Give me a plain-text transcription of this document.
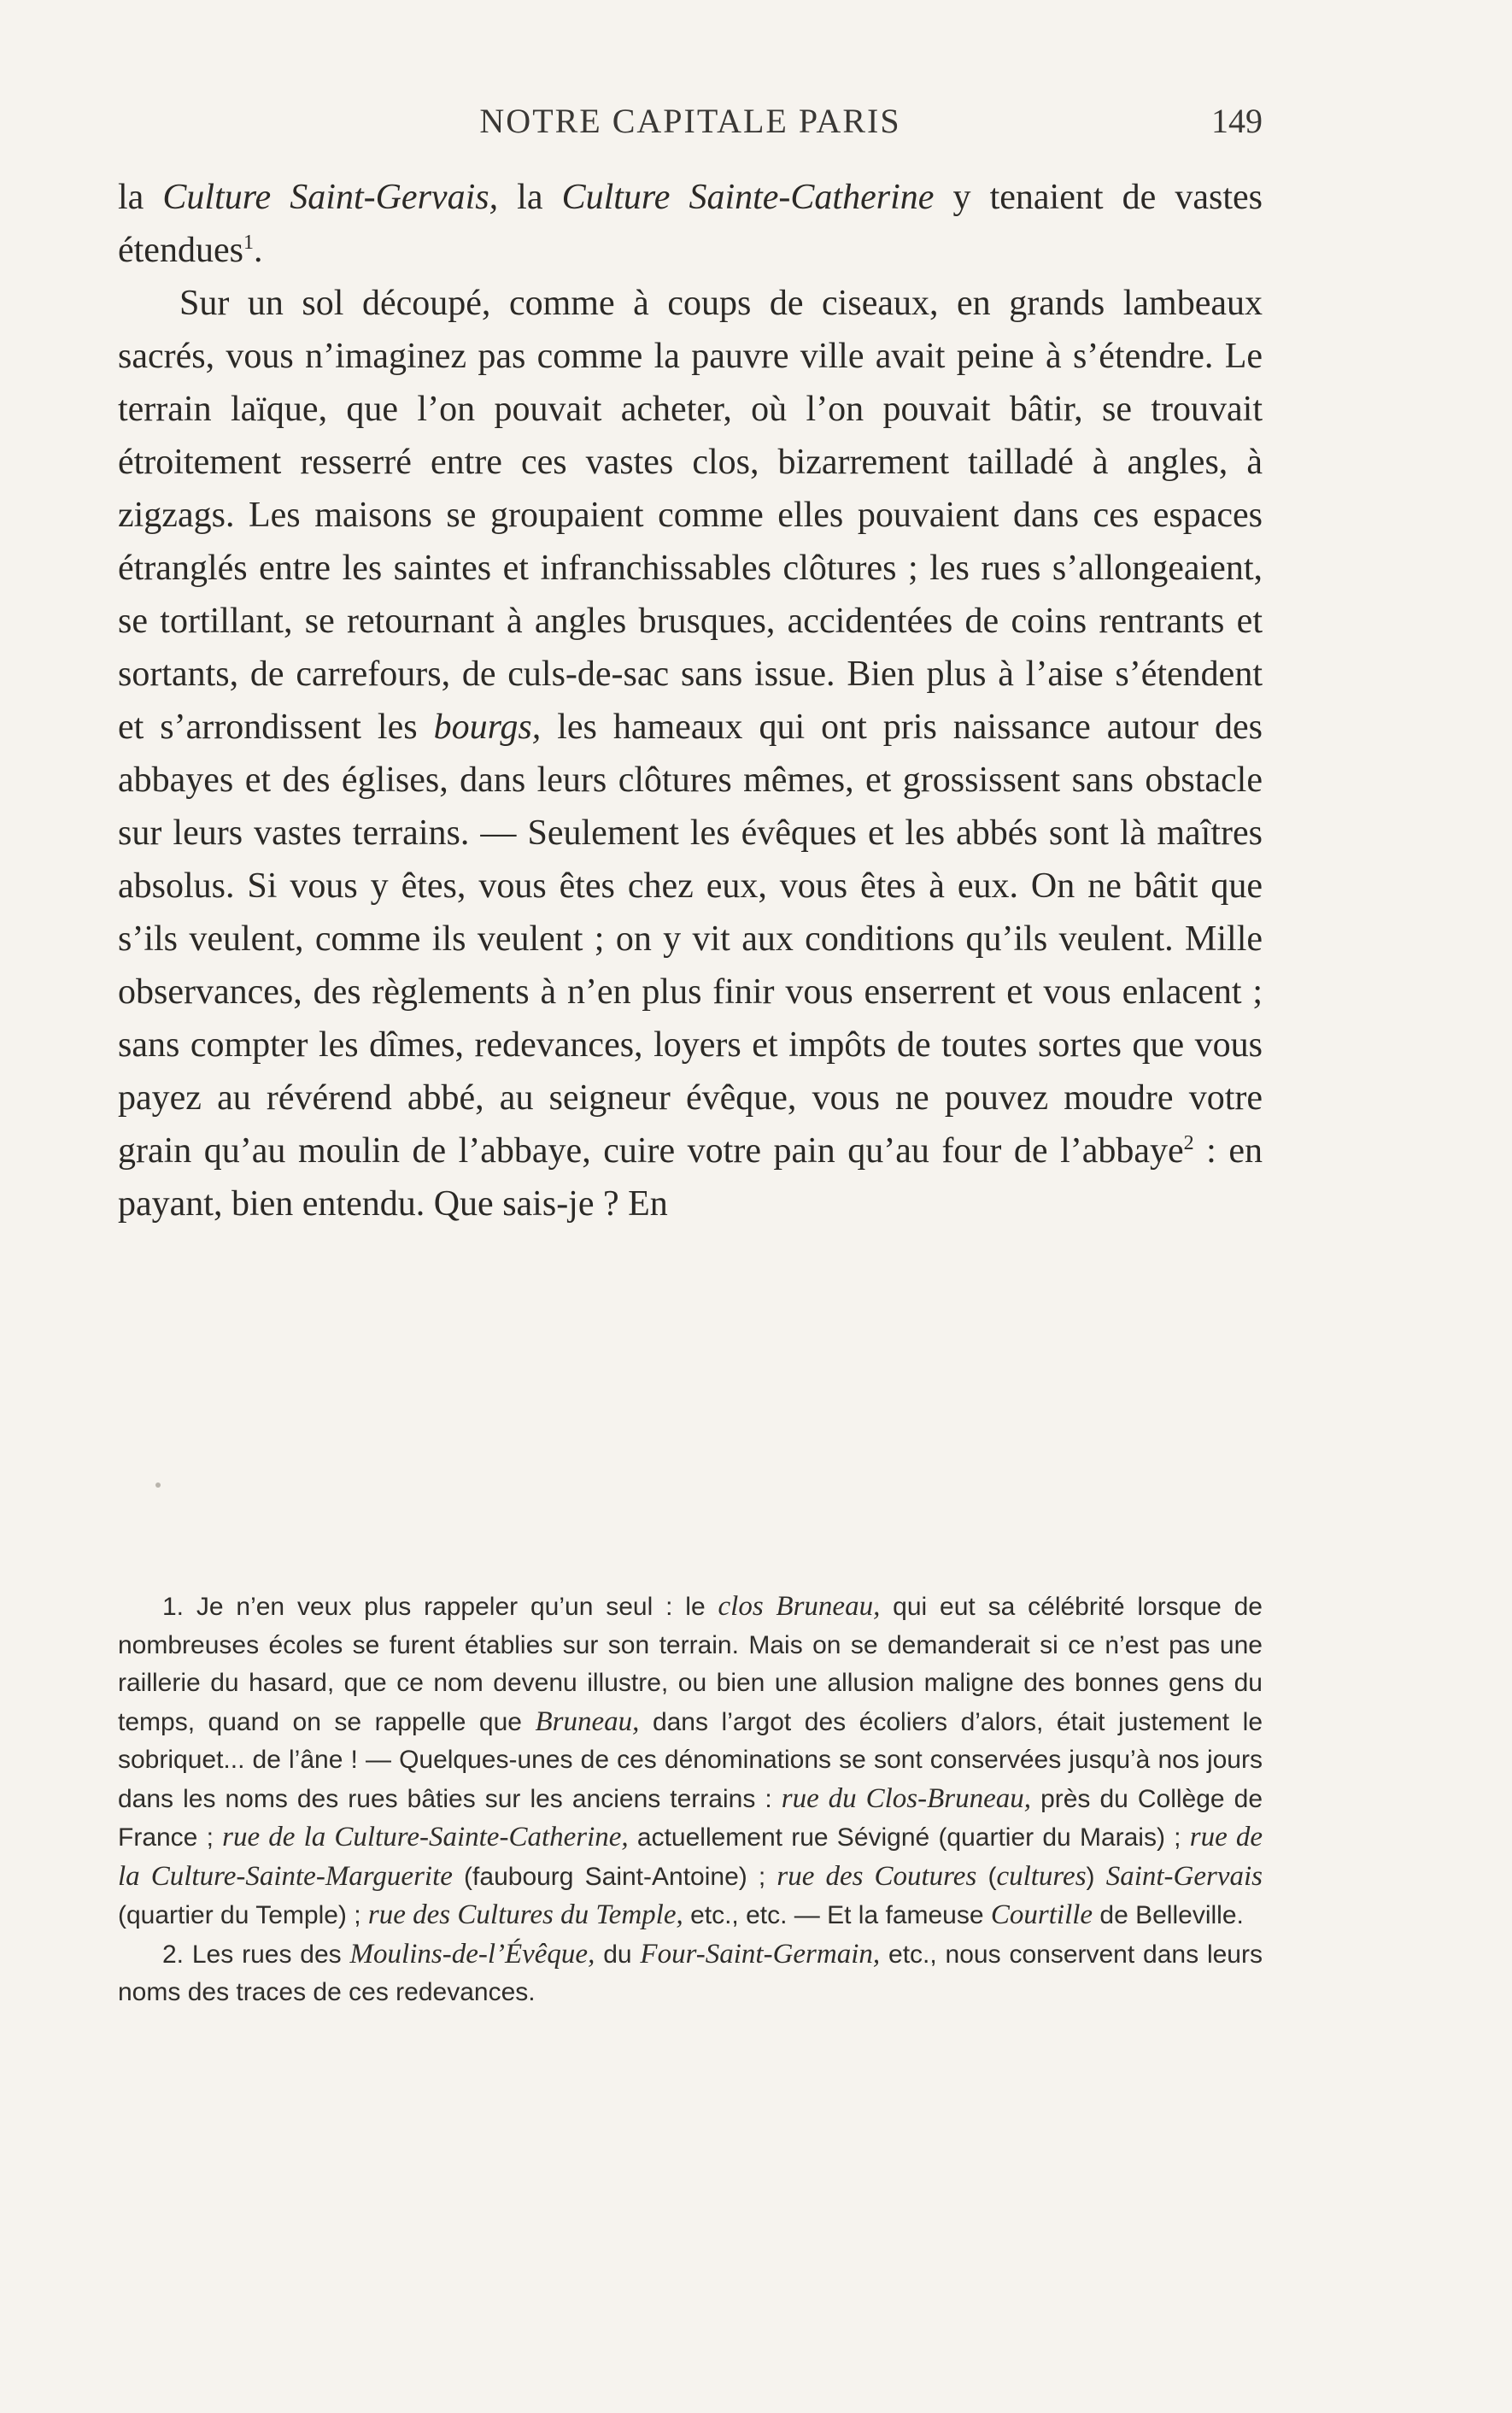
NOTRE CAPITALE PARIS	149

la Culture Saint-Gervais, la Culture Sainte-Catherine y tenaient de vastes étendues$^1$.

Sur un sol découpé, comme à coups de ciseaux, en grands lambeaux sacrés, vous n’imaginez pas comme la pauvre ville avait peine à s’étendre. Le terrain laïque, que l’on pouvait acheter, où l’on pouvait bâtir, se trouvait étroitement resserré entre ces vastes clos, bizarrement tailladé à angles, à zigzags. Les maisons se groupaient comme elles pouvaient dans ces espaces étranglés entre les saintes et infranchissables clôtures ; les rues s’allongeaient, se tortillant, se retournant à angles brusques, accidentées de coins rentrants et sortants, de carrefours, de culs-de-sac sans issue. Bien plus à l’aise s’étendent et s’arrondissent les bourgs, les hameaux qui ont pris naissance autour des abbayes et des églises, dans leurs clôtures mêmes, et grossissent sans obstacle sur leurs vastes terrains. — Seulement les évêques et les abbés sont là maîtres absolus. Si vous y êtes, vous êtes chez eux, vous êtes à eux. On ne bâtit que s’ils veulent, comme ils veulent ; on y vit aux conditions qu’ils veulent. Mille observances, des règlements à n’en plus finir vous enserrent et vous enlacent ; sans compter les dîmes, redevances, loyers et impôts de toutes sortes que vous payez au révérend abbé, au seigneur évêque, vous ne pouvez moudre votre grain qu’au moulin de l’abbaye, cuire votre pain qu’au four de l’abbaye$^2$ : en payant, bien entendu. Que sais-je ? En

1. Je n’en veux plus rappeler qu’un seul : le clos Bruneau, qui eut sa célébrité lorsque de nombreuses écoles se furent établies sur son terrain. Mais on se demanderait si ce n’est pas une raillerie du hasard, que ce nom devenu illustre, ou bien une allusion maligne des bonnes gens du temps, quand on se rappelle que Bruneau, dans l’argot des écoliers d’alors, était justement le sobriquet... de l’âne ! — Quelques-unes de ces dénominations se sont conservées jusqu’à nos jours dans les noms des rues bâties sur les anciens terrains : rue du Clos-Bruneau, près du Collège de France ; rue de la Culture-Sainte-Catherine, actuellement rue Sévigné (quartier du Marais) ; rue de la Culture-Sainte-Marguerite (faubourg Saint-Antoine) ; rue des Coutures (cultures) Saint-Gervais (quartier du Temple) ; rue des Cultures du Temple, etc., etc. — Et la fameuse Courtille de Belleville.

2. Les rues des Moulins-de-l’Évêque, du Four-Saint-Germain, etc., nous conservent dans leurs noms des traces de ces redevances.
